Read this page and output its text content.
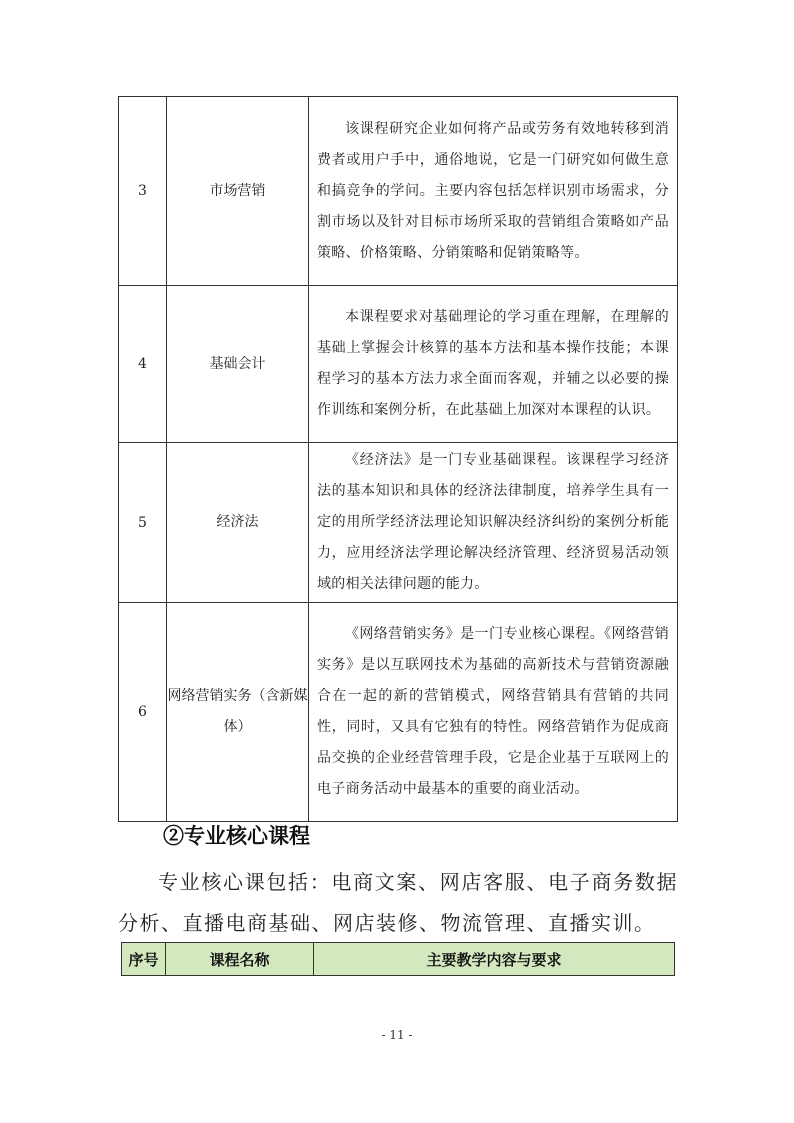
3	市场营销	该课程研究企业如何将产品或劳务有效地转移到消费者或用户手中，通俗地说，它是一门研究如何做生意和搞竞争的学问。主要内容包括怎样识别市场需求，分割市场以及针对目标市场所采取的营销组合策略如产品策略、价格策略、分销策略和促销策略等。
4	基础会计	本课程要求对基础理论的学习重在理解，在理解的基础上掌握会计核算的基本方法和基本操作技能；本课程学习的基本方法力求全面而客观，并辅之以必要的操作训练和案例分析，在此基础上加深对本课程的认识。
5	经济法	《经济法》是一门专业基础课程。该课程学习经济法的基本知识和具体的经济法律制度，培养学生具有一定的用所学经济法理论知识解决经济纠纷的案例分析能力，应用经济法学理论解决经济管理、经济贸易活动领域的相关法律问题的能力。
6	网络营销实务（含新媒体）	《网络营销实务》是一门专业核心课程。《网络营销实务》是以互联网技术为基础的高新技术与营销资源融合在一起的新的营销模式，网络营销具有营销的共同性，同时，又具有它独有的特性。网络营销作为促成商品交换的企业经营管理手段，它是企业基于互联网上的电子商务活动中最基本的重要的商业活动。
②专业核心课程
专业核心课包括：电商文案、网店客服、电子商务数据分析、直播电商基础、网店装修、物流管理、直播实训。
序号	课程名称	主要教学内容与要求
- 11 -
